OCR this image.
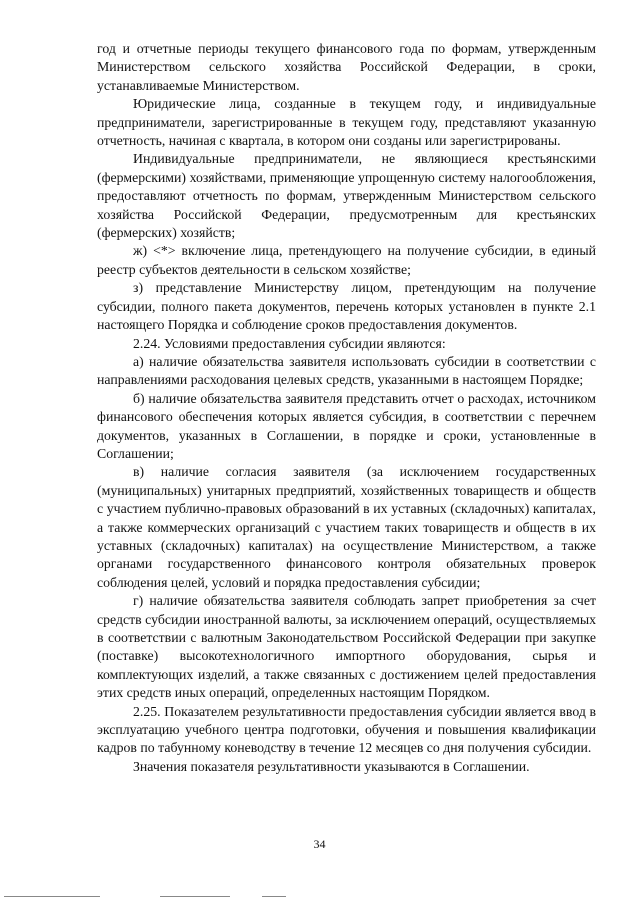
год и отчетные периоды текущего финансового года по формам, утвержденным Министерством сельского хозяйства Российской Федерации, в сроки, устанавливаемые Министерством.

Юридические лица, созданные в текущем году, и индивидуальные предприниматели, зарегистрированные в текущем году, представляют указанную отчетность, начиная с квартала, в котором они созданы или зарегистрированы.

Индивидуальные предприниматели, не являющиеся крестьянскими (фермерскими) хозяйствами, применяющие упрощенную систему налогообложения, предоставляют отчетность по формам, утвержденным Министерством сельского хозяйства Российской Федерации, предусмотренным для крестьянских (фермерских) хозяйств;

ж) <*> включение лица, претендующего на получение субсидии, в единый реестр субъектов деятельности в сельском хозяйстве;

з) представление Министерству лицом, претендующим на получение субсидии, полного пакета документов, перечень которых установлен в пункте 2.1 настоящего Порядка и соблюдение сроков предоставления документов.

2.24. Условиями предоставления субсидии являются:

а) наличие обязательства заявителя использовать субсидии в соответствии с направлениями расходования целевых средств, указанными в настоящем Порядке;

б) наличие обязательства заявителя представить отчет о расходах, источником финансового обеспечения которых является субсидия, в соответствии с перечнем документов, указанных в Соглашении, в порядке и сроки, установленные в Соглашении;

в) наличие согласия заявителя (за исключением государственных (муниципальных) унитарных предприятий, хозяйственных товариществ и обществ с участием публично-правовых образований в их уставных (складочных) капиталах, а также коммерческих организаций с участием таких товариществ и обществ в их уставных (складочных) капиталах) на осуществление Министерством, а также органами государственного финансового контроля обязательных проверок соблюдения целей, условий и порядка предоставления субсидии;

г) наличие обязательства заявителя соблюдать запрет приобретения за счет средств субсидии иностранной валюты, за исключением операций, осуществляемых в соответствии с валютным Законодательством Российской Федерации при закупке (поставке) высокотехнологичного импортного оборудования, сырья и комплектующих изделий, а также связанных с достижением целей предоставления этих средств иных операций, определенных настоящим Порядком.

2.25. Показателем результативности предоставления субсидии является ввод в эксплуатацию учебного центра подготовки, обучения и повышения квалификации кадров по табунному коневодству в течение 12 месяцев со дня получения субсидии.

Значения показателя результативности указываются в Соглашении.

34
